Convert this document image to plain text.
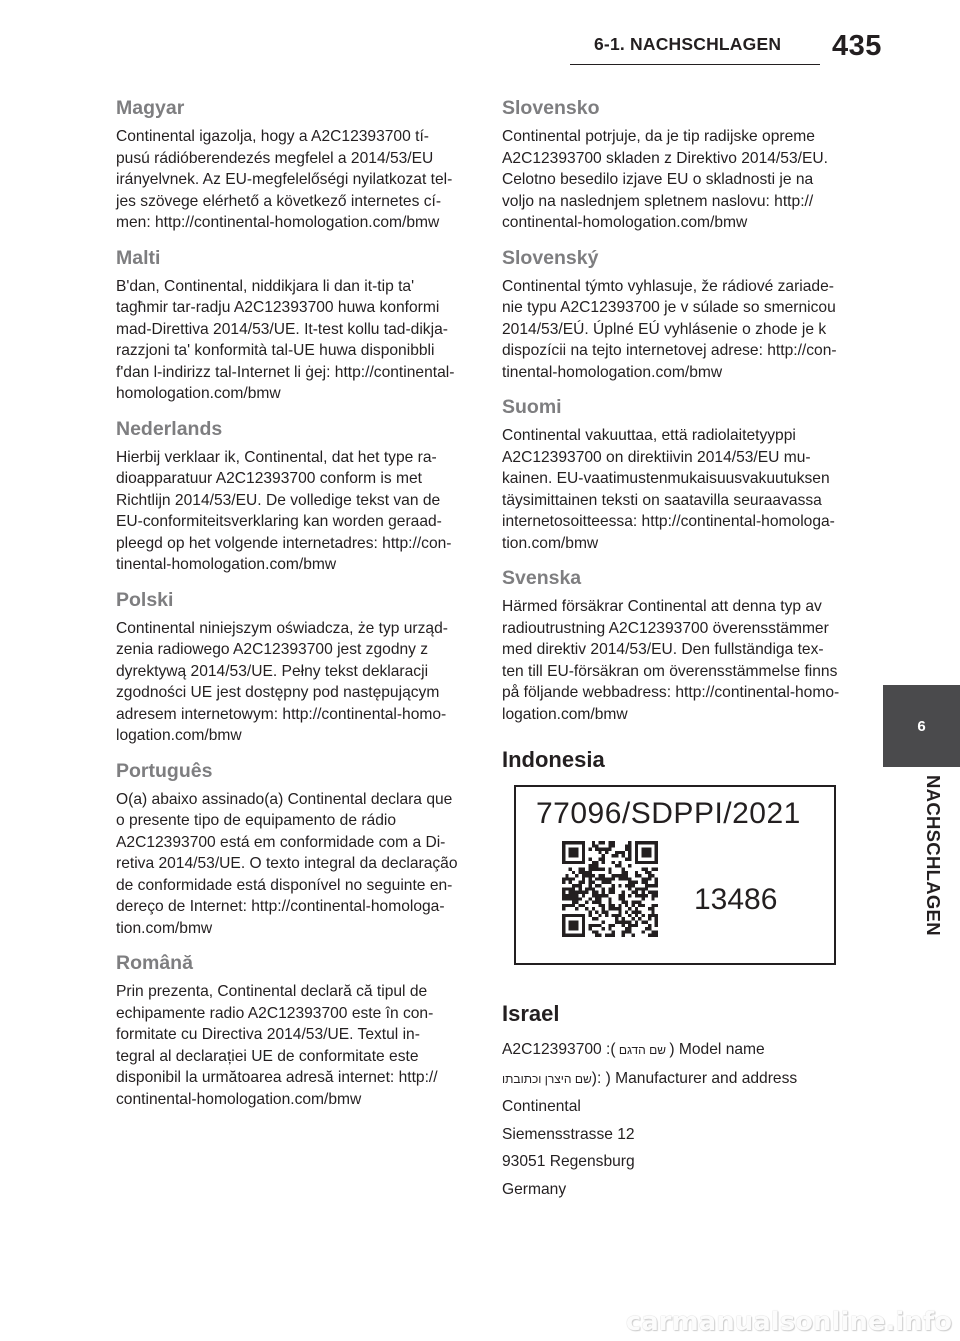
6-1. NACHSCHLAGEN 435
6
NACHSCHLAGEN
Magyar

Continental igazolja, hogy a A2C12393700 tí-
pusú rádióberendezés megfelel a 2014/53/EU
irányelvnek. Az EU-megfelelőségi nyilatkozat tel-
jes szövege elérhető a következő internetes cí-
men: http://continental-homologation.com/bmw

Malti

B'dan, Continental, niddikjara li dan it-tip ta'
tagħmir tar-radju A2C12393700 huwa konformi
mad-Direttiva 2014/53/UE. It-test kollu tad-dikja-
razzjoni ta' konformità tal-UE huwa disponibbli
f'dan l-indirizz tal-Internet li ġej: http://continental-
homologation.com/bmw

Nederlands

Hierbij verklaar ik, Continental, dat het type ra-
dioapparatuur A2C12393700 conform is met
Richtlijn 2014/53/EU. De volledige tekst van de
EU-conformiteitsverklaring kan worden geraad-
pleegd op het volgende internetadres: http://con-
tinental-homologation.com/bmw

Polski

Continental niniejszym oświadcza, że typ urząd-
zenia radiowego A2C12393700 jest zgodny z
dyrektywą 2014/53/UE. Pełny tekst deklaracji
zgodności UE jest dostępny pod następującym
adresem internetowym: http://continental-homo-
logation.com/bmw

Português

O(a) abaixo assinado(a) Continental declara que
o presente tipo de equipamento de rádio
A2C12393700 está em conformidade com a Di-
retiva 2014/53/UE. O texto integral da declaração
de conformidade está disponível no seguinte en-
dereço de Internet: http://continental-homologa-
tion.com/bmw

Română

Prin prezenta, Continental declară că tipul de
echipamente radio A2C12393700 este în con-
formitate cu Directiva 2014/53/UE. Textul in-
tegral al declarației UE de conformitate este
disponibil la următoarea adresă internet: http://
continental-homologation.com/bmw

Slovensko

Continental potrjuje, da je tip radijske opreme
A2C12393700 skladen z Direktivo 2014/53/EU.
Celotno besedilo izjave EU o skladnosti je na
voljo na naslednjem spletnem naslovu: http://
continental-homologation.com/bmw

Slovenský

Continental týmto vyhlasuje, že rádiové zariade-
nie typu A2C12393700 je v súlade so smernicou
2014/53/EÚ. Úplné EÚ vyhlásenie o zhode je k
dispozícii na tejto internetovej adrese: http://con-
tinental-homologation.com/bmw

Suomi

Continental vakuuttaa, että radiolaitetyyppi
A2C12393700 on direktiivin 2014/53/EU mu-
kainen. EU-vaatimustenmukaisuusvakuutuksen
täysimittainen teksti on saatavilla seuraavassa
internetosoitteessa: http://continental-homologa-
tion.com/bmw

Svenska

Härmed försäkrar Continental att denna typ av
radioutrustning A2C12393700 överensstämmer
med direktiv 2014/53/EU. Den fullständiga tex-
ten till EU-försäkran om överensstämmelse finns
på följande webbadress: http://continental-homo-
logation.com/bmw

Indonesia
77096/SDPPI/2021
13486
Israel

A2C12393700 :( שם הדגם ) Model name

שם היצרן וכתובתו): ) Manufacturer and address

Continental

Siemensstrasse 12

93051 Regensburg

Germany

carmanualsonline.info
